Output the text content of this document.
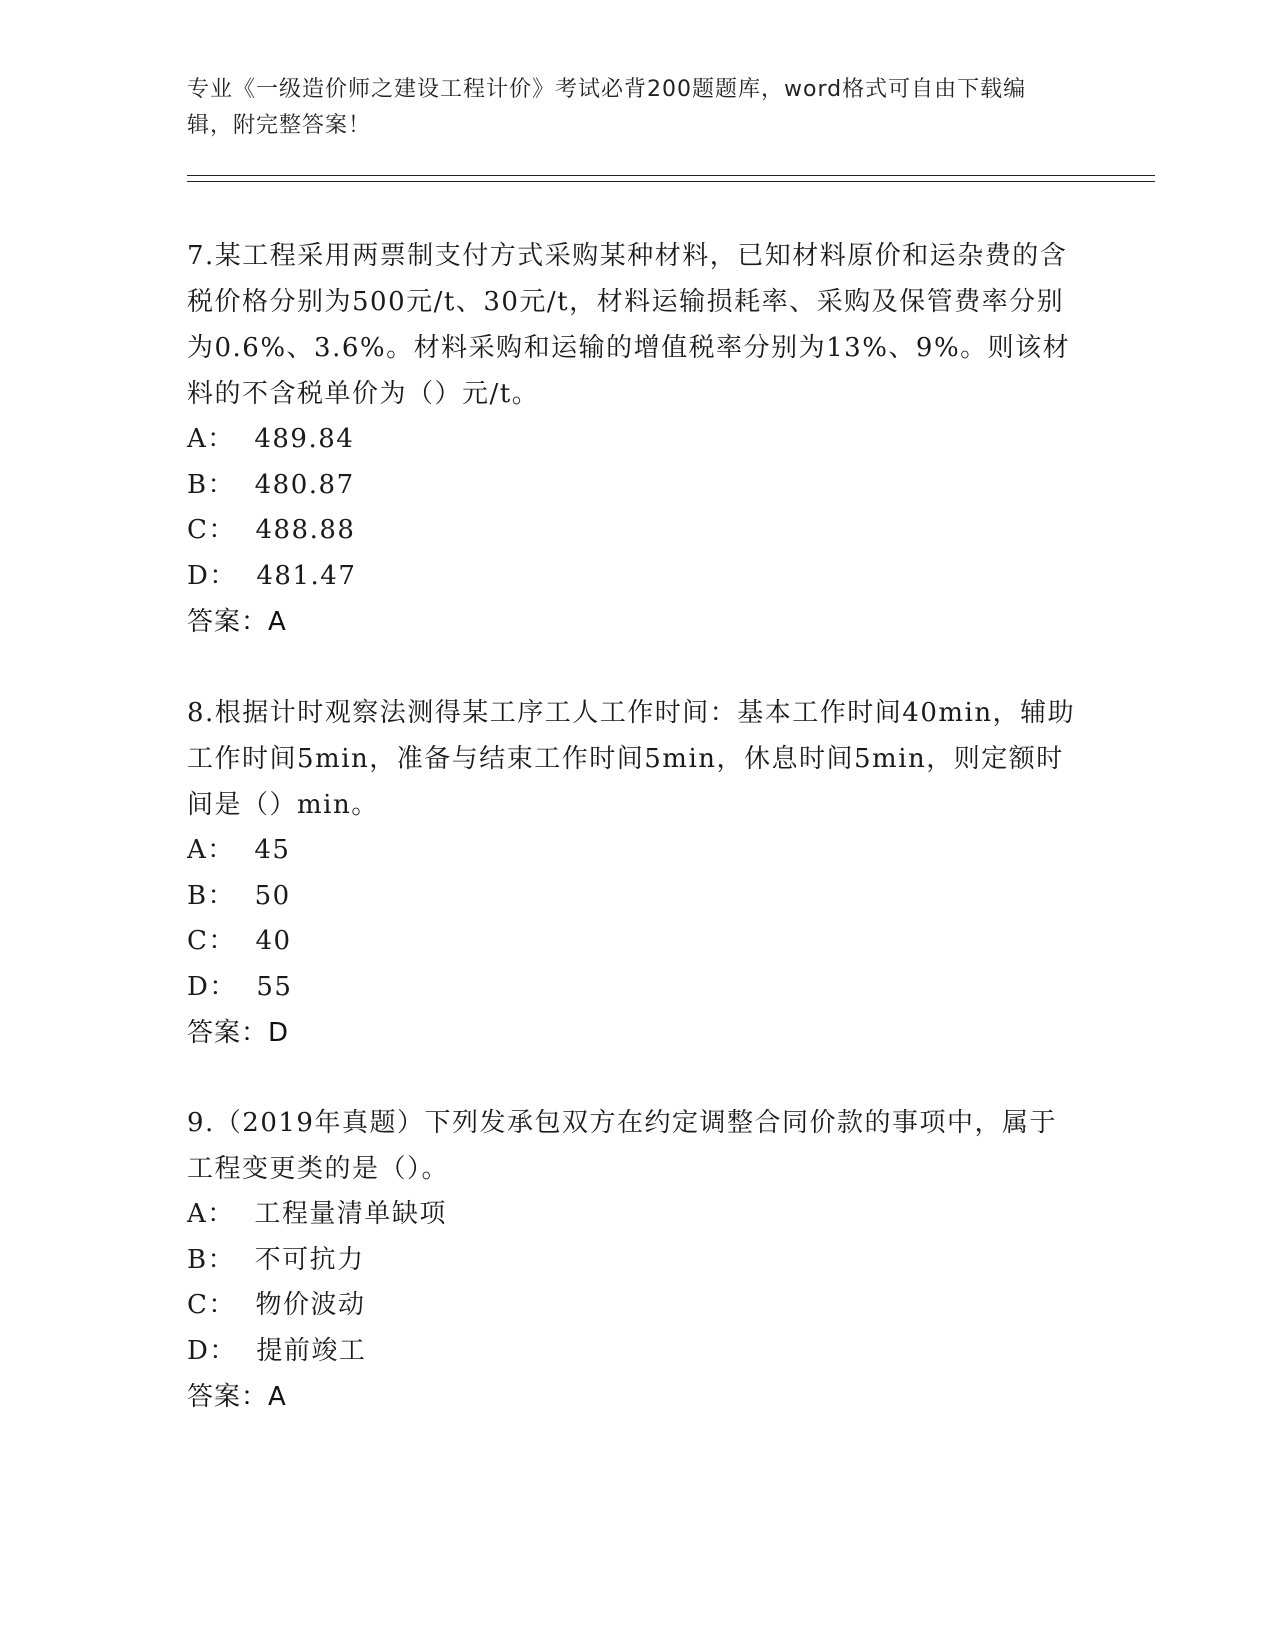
专业《一级造价师之建设工程计价》考试必背200题题库，word格式可自由下载编辑，附完整答案！

7.某工程采用两票制支付方式采购某种材料，已知材料原价和运杂费的含税价格分别为500元/t、30元/t，材料运输损耗率、采购及保管费率分别为0.6%、3.6%。材料采购和运输的增值税率分别为13%、9%。则该材料的不含税单价为（）元/t。

A：  489.84
B：  480.87
C：  488.88
D：  481.47
答案：A

8.根据计时观察法测得某工序工人工作时间：基本工作时间40min，辅助工作时间5min，准备与结束工作时间5min，休息时间5min，则定额时间是（）min。

A：  45
B：  50
C：  40
D：  55
答案：D

9.（2019年真题）下列发承包双方在约定调整合同价款的事项中，属于工程变更类的是（）。

A：  工程量清单缺项
B：  不可抗力
C：  物价波动
D：  提前竣工
答案：A
